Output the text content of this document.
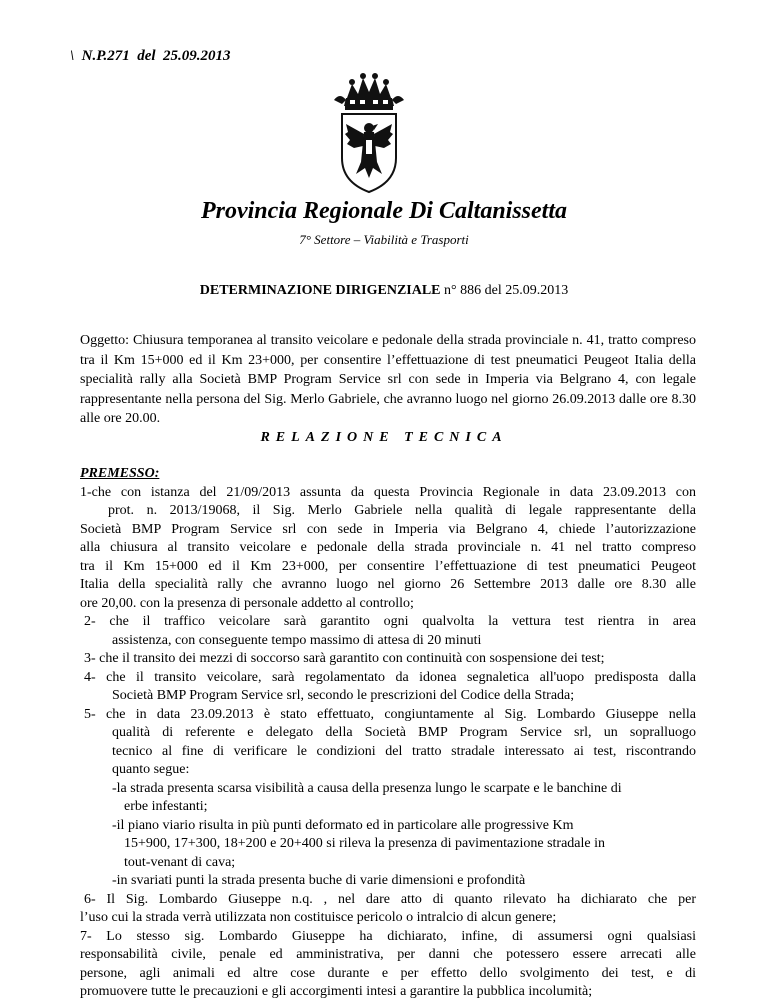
\  N.P.271  del  25.09.2013
Provincia Regionale Di Caltanissetta
7° Settore – Viabilità e Trasporti
DETERMINAZIONE DIRIGENZIALE n° 886 del 25.09.2013

Oggetto: Chiusura temporanea al transito veicolare e pedonale della strada provinciale n. 41, tratto compreso tra il Km 15+000 ed il Km 23+000, per consentire l’effettuazione di test pneumatici Peugeot Italia della specialità rally alla Società BMP Program Service srl con sede in Imperia via Belgrano 4, con legale rappresentante nella persona del Sig. Merlo Gabriele, che avranno luogo nel giorno 26.09.2013 dalle ore 8.30 alle ore 20.00.

RELAZIONE TECNICA
PREMESSO:
1-che con istanza del 21/09/2013 assunta da questa Provincia Regionale in data 23.09.2013 con
prot. n. 2013/19068, il Sig. Merlo Gabriele nella qualità di legale rappresentante della
Società BMP Program Service srl con sede in Imperia via Belgrano 4, chiede l’autorizzazione
alla chiusura al transito veicolare e pedonale della strada provinciale n. 41 nel tratto compreso
tra il Km 15+000 ed il Km 23+000, per consentire l’effettuazione di test pneumatici Peugeot
Italia della specialità rally che avranno luogo nel giorno 26 Settembre 2013 dalle ore 8.30 alle
ore 20,00. con la presenza di personale addetto al controllo;
2- che il traffico veicolare sarà garantito ogni qualvolta la vettura test rientra in area
assistenza, con conseguente tempo massimo di attesa di 20 minuti
3- che il transito dei mezzi di soccorso sarà garantito con continuità con sospensione dei test;
4- che il transito veicolare, sarà regolamentato da idonea segnaletica all'uopo predisposta dalla
Società BMP Program Service srl, secondo le prescrizioni del Codice della Strada;
5- che in data 23.09.2013 è stato effettuato, congiuntamente al Sig. Lombardo Giuseppe nella
qualità di referente e delegato della Società BMP Program Service srl, un sopralluogo
tecnico al fine di verificare le condizioni del tratto stradale interessato ai test, riscontrando
quanto segue:
-la strada presenta scarsa visibilità a causa della presenza lungo le scarpate e le banchine di
erbe infestanti;
-il piano viario risulta in più punti deformato ed in particolare alle progressive Km
15+900, 17+300, 18+200 e 20+400 si rileva la presenza di pavimentazione stradale in
tout-venant di cava;
-in svariati punti la strada presenta buche di varie dimensioni e profondità
6- Il Sig. Lombardo Giuseppe n.q. , nel dare atto di quanto rilevato ha dichiarato che per
l’uso cui la strada verrà utilizzata non costituisce pericolo o intralcio di alcun genere;
7- Lo stesso sig. Lombardo Giuseppe ha dichiarato, infine, di assumersi ogni qualsiasi
responsabilità civile, penale ed amministrativa, per danni che potessero essere arrecati alle
persone, agli animali ed altre cose durante e per effetto dello svolgimento dei test, e di
promuovere tutte le precauzioni e gli accorgimenti intesi a garantire la pubblica incolumità;
